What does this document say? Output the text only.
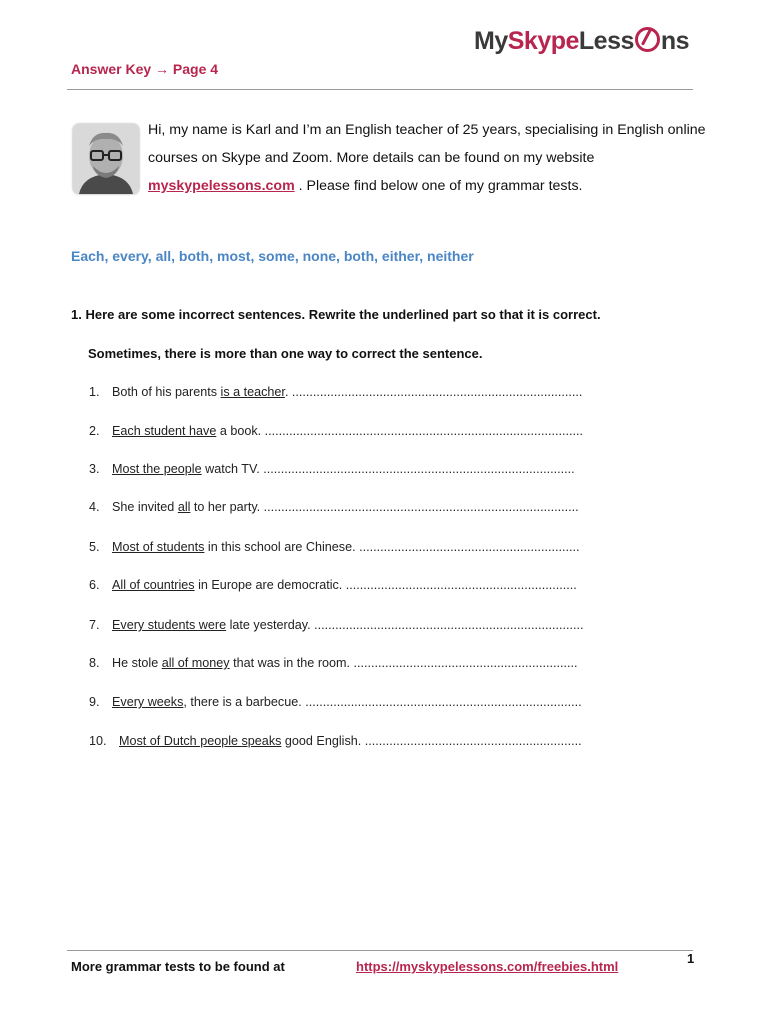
MySkypeLess ns
Answer Key → Page 4
Hi, my name is Karl and I’m an English teacher of 25 years, specialising in English online courses on Skype and Zoom. More details can be found on my website myskypelessons.com . Please find below one of my grammar tests.
Each, every, all, both, most, some, none, both, either, neither
1. Here are some incorrect sentences. Rewrite the underlined part so that it is correct.
Sometimes, there is more than one way to correct the sentence.
1. Both of his parents is a teacher. ...................................................................................
2. Each student have a book. ...........................................................................................
3. Most the people watch TV. .........................................................................................
4. She invited all to her party. ..........................................................................................
5. Most of students in this school are Chinese. ...............................................................
6. All of countries in Europe are democratic. ..................................................................
7. Every students were late yesterday. .............................................................................
8. He stole all of money that was in the room. ................................................................
9. Every weeks, there is a barbecue. ...............................................................................
10. Most of Dutch people speaks good English. ..............................................................
More grammar tests to be found at	https://myskypelessons.com/freebies.html
1
